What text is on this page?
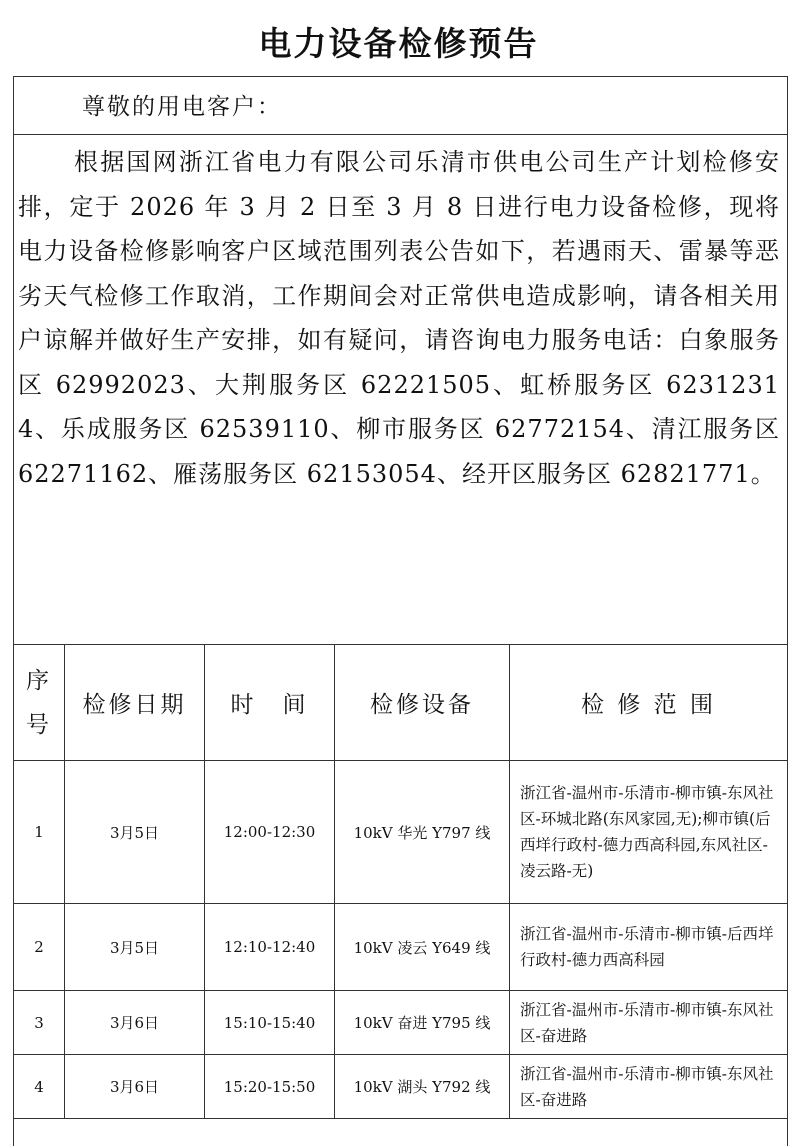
电力设备检修预告
尊敬的用电客户：
根据国网浙江省电力有限公司乐清市供电公司生产计划检修安排，定于 2026 年 3 月 2 日至 3 月 8 日进行电力设备检修，现将电力设备检修影响客户区域范围列表公告如下，若遇雨天、雷暴等恶劣天气检修工作取消，工作期间会对正常供电造成影响，请各相关用户谅解并做好生产安排，如有疑问，请咨询电力服务电话：白象服务区 62992023、大荆服务区 62221505、虹桥服务区 62312314、乐成服务区 62539110、柳市服务区 62772154、清江服务区 62271162、雁荡服务区 62153054、经开区服务区 62821771。
序
号	检修日期	时　间	检修设备	检 修 范 围
1	3月5日	12:00-12:30	10kV 华光 Y797 线	浙江省-温州市-乐清市-柳市镇-东风社区-环城北路(东风家园,无);柳市镇(后西垟行政村-德力西高科园,东风社区-凌云路-无)
2	3月5日	12:10-12:40	10kV 凌云 Y649 线	浙江省-温州市-乐清市-柳市镇-后西垟行政村-德力西高科园
3	3月6日	15:10-15:40	10kV 奋进 Y795 线	浙江省-温州市-乐清市-柳市镇-东风社区-奋进路
4	3月6日	15:20-15:50	10kV 湖头 Y792 线	浙江省-温州市-乐清市-柳市镇-东风社区-奋进路
